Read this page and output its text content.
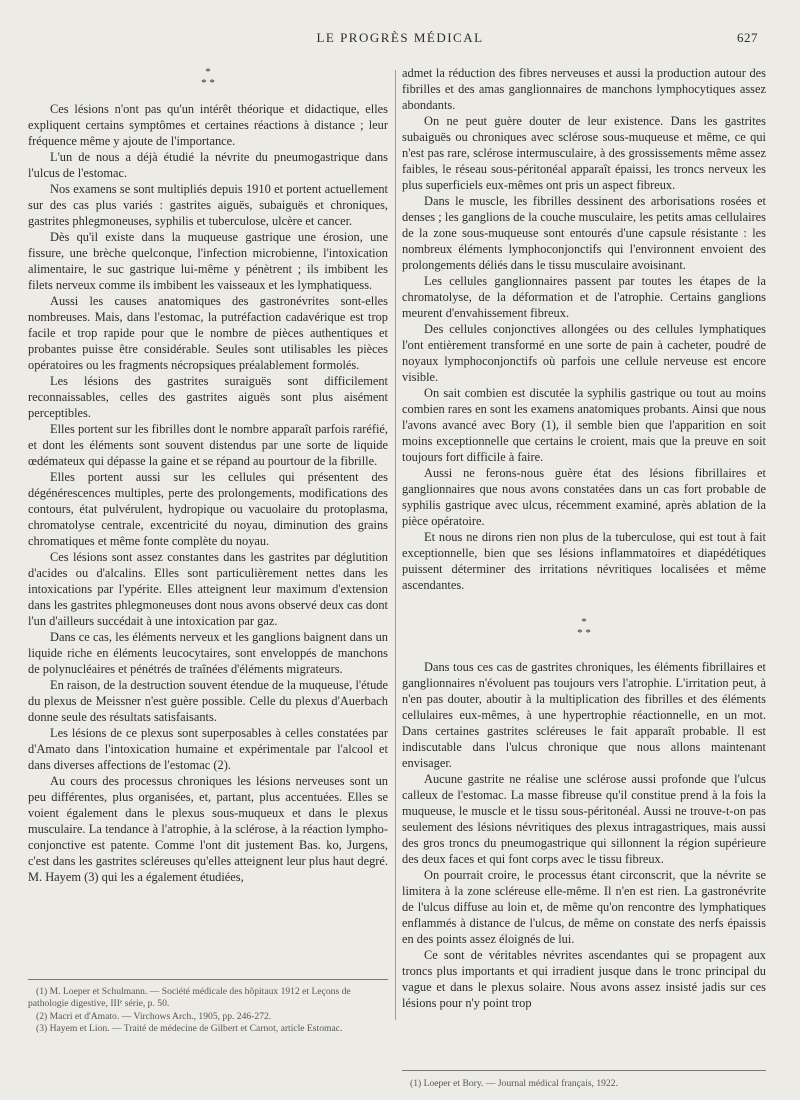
LE PROGRÈS MÉDICAL	627
*
* *

Ces lésions n'ont pas qu'un intérêt théorique et didactique, elles expliquent certains symptômes et certaines réactions à distance ; leur fréquence même y ajoute de l'importance.

L'un de nous a déjà étudié la névrite du pneumogastrique dans l'ulcus de l'estomac.

Nos examens se sont multipliés depuis 1910 et portent actuellement sur des cas plus variés : gastrites aiguës, subaiguës et chroniques, gastrites phlegmoneuses, syphilis et tuberculose, ulcère et cancer.

Dès qu'il existe dans la muqueuse gastrique une érosion, une fissure, une brèche quelconque, l'infection microbienne, l'intoxication alimentaire, le suc gastrique lui-même y pénètrent ; ils imbibent les filets nerveux comme ils imbibent les vaisseaux et les lymphatiquess.

Aussi les causes anatomiques des gastronévrites sont-elles nombreuses. Mais, dans l'estomac, la putréfaction cadavérique est trop facile et trop rapide pour que le nombre de pièces authentiques et probantes puisse être considérable. Seules sont utilisables les pièces opératoires ou les fragments nécropsiques préalablement formolés.

Les lésions des gastrites suraiguës sont difficilement reconnaissables, celles des gastrites aiguës sont plus aisément perceptibles.

Elles portent sur les fibrilles dont le nombre apparaît parfois raréfié, et dont les éléments sont souvent distendus par une sorte de liquide œdémateux qui dépasse la gaine et se répand au pourtour de la fibrille.

Elles portent aussi sur les cellules qui présentent des dégénérescences multiples, perte des prolongements, modifications des contours, état pulvérulent, hydropique ou vacuolaire du protoplasma, chromatolyse centrale, excentricité du noyau, diminution des grains chromatiques et même fonte complète du noyau.

Ces lésions sont assez constantes dans les gastrites par déglutition d'acides ou d'alcalins. Elles sont particulièrement nettes dans les intoxications par l'ypérite. Elles atteignent leur maximum d'extension dans les gastrites phlegmoneuses dont nous avons observé deux cas dont l'un d'ailleurs succédait à une intoxication par gaz.

Dans ce cas, les éléments nerveux et les ganglions baignent dans un liquide riche en éléments leucocytaires, sont enveloppés de manchons de polynucléaires et pénétrés de traînées d'éléments migrateurs.

En raison, de la destruction souvent étendue de la muqueuse, l'étude du plexus de Meissner n'est guère possible. Celle du plexus d'Auerbach donne seule des résultats satisfaisants.

Les lésions de ce plexus sont superposables à celles constatées par d'Amato dans l'intoxication humaine et expérimentale par l'alcool et dans diverses affections de l'estomac (2).

Au cours des processus chroniques les lésions nerveuses sont un peu différentes, plus organisées, et, partant, plus accentuées. Elles se voient également dans le plexus sous-muqueux et dans le plexus musculaire. La tendance à l'atrophie, à la sclérose, à la réaction lympho-conjonctive est patente. Comme l'ont dit justement Bas. ko, Jurgens, c'est dans les gastrites scléreuses qu'elles atteignent leur plus haut degré. M. Hayem (3) qui les a également étudiées,

admet la réduction des fibres nerveuses et aussi la production autour des fibrilles et des amas ganglionnaires de manchons lymphocytiques assez abondants.

On ne peut guère douter de leur existence. Dans les gastrites subaiguës ou chroniques avec sclérose sous-muqueuse et même, ce qui n'est pas rare, sclérose intermusculaire, à des grossissements même assez faibles, le réseau sous-péritonéal apparaît épaissi, les troncs nerveux les plus superficiels eux-mêmes ont pris un aspect fibreux.

Dans le muscle, les fibrilles dessinent des arborisations rosées et denses ; les ganglions de la couche musculaire, les petits amas cellulaires de la zone sous-muqueuse sont entourés d'une capsule résistante : les nombreux éléments lymphoconjonctifs qui l'environnent envoient des prolongements déliés dans le tissu musculaire avoisinant.

Les cellules ganglionnaires passent par toutes les étapes de la chromatolyse, de la déformation et de l'atrophie. Certains ganglions meurent d'envahissement fibreux.

Des cellules conjonctives allongées ou des cellules lymphatiques l'ont entièrement transformé en une sorte de pain à cacheter, poudré de noyaux lymphoconjonctifs où parfois une cellule nerveuse est encore visible.

On sait combien est discutée la syphilis gastrique ou tout au moins combien rares en sont les examens anatomiques probants. Ainsi que nous l'avons avancé avec Bory (1), il semble bien que l'apparition en soit moins exceptionnelle que certains le croient, mais que la preuve en soit toujours fort difficile à faire.

Aussi ne ferons-nous guère état des lésions fibrillaires et ganglionnaires que nous avons constatées dans un cas fort probable de syphilis gastrique avec ulcus, récemment examiné, après ablation de la pièce opératoire.

Et nous ne dirons rien non plus de la tuberculose, qui est tout à fait exceptionnelle, bien que ses lésions inflammatoires et diapédétiques puissent déterminer des irritations névritiques localisées et même ascendantes.

*
* *

Dans tous ces cas de gastrites chroniques, les éléments fibrillaires et ganglionnaires n'évoluent pas toujours vers l'atrophie. L'irritation peut, à n'en pas douter, aboutir à la multiplication des fibrilles et des éléments cellulaires eux-mêmes, à une hypertrophie réactionnelle, en un mot. Dans certaines gastrites scléreuses le fait apparaît probable. Il est indiscutable dans l'ulcus chronique que nous allons maintenant envisager.

Aucune gastrite ne réalise une sclérose aussi profonde que l'ulcus calleux de l'estomac. La masse fibreuse qu'il constitue prend à la fois la muqueuse, le muscle et le tissu sous-péritonéal. Aussi ne trouve-t-on pas seulement des lésions névritiques des plexus intragastriques, mais aussi des gros troncs du pneumogastrique qui sillonnent la région supérieure des deux faces et qui font corps avec le tissu fibreux.

On pourrait croire, le processus étant circonscrit, que la névrite se limitera à la zone scléreuse elle-même. Il n'en est rien. La gastronévrite de l'ulcus diffuse au loin et, de même qu'on rencontre des lymphatiques enflammés à distance de l'ulcus, de même on constate des nerfs épaissis en des points assez éloignés de lui.

Ce sont de véritables névrites ascendantes qui se propagent aux troncs plus importants et qui irradient jusque dans le tronc principal du vague et dans le plexus solaire. Nous avons assez insisté jadis sur ces lésions pour n'y point trop

(1) M. Loeper et Schulmann. — Société médicale des hôpitaux 1912 et Leçons de pathologie digestive, IIIᵉ série, p. 50.
(2) Macri et d'Amato. — Virchows Arch., 1905, pp. 246-272.
(3) Hayem et Lion. — Traité de médecine de Gilbert et Carnot, article Estomac.
(1) Loeper et Bory. — Journal médical français, 1922.
